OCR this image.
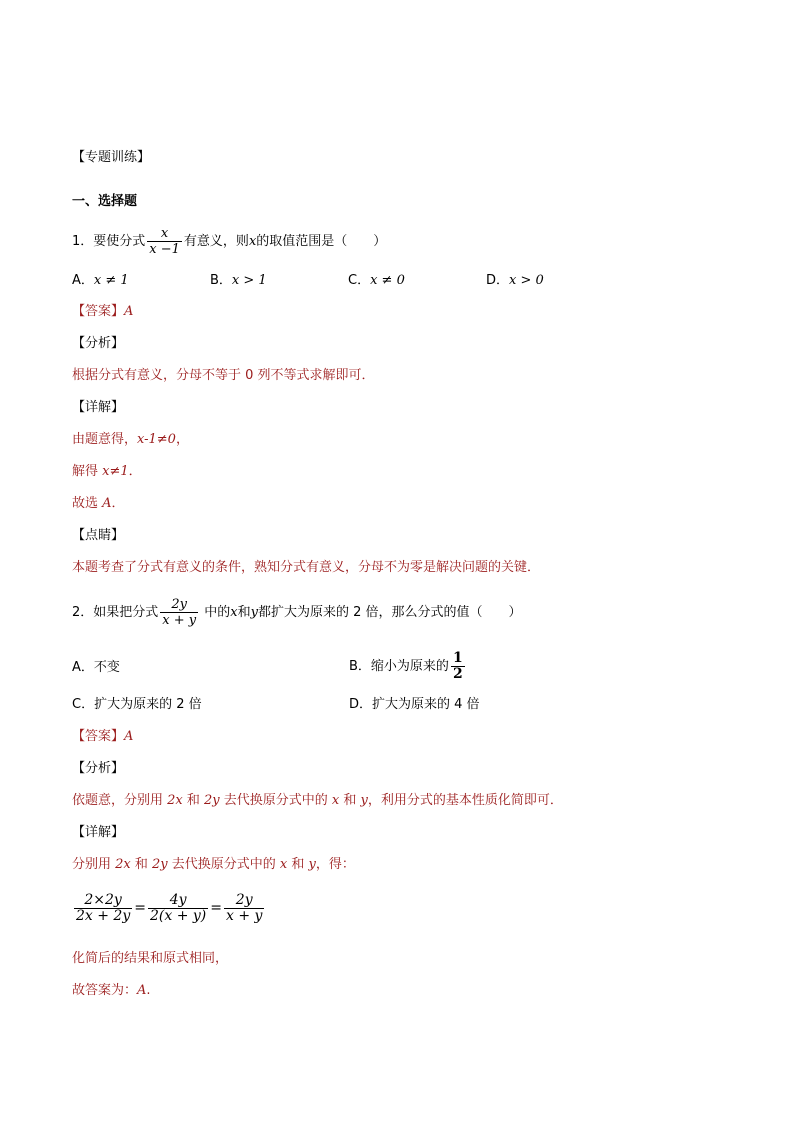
【专题训练】
一、选择题
1．要使分式 $\frac{x}{x -1}$ 有意义，则x的取值范围是（　　）
A．x ≠ 1	B．x > 1	C．x ≠ 0	D．x > 0
【答案】A
【分析】
根据分式有意义，分母不等于 0 列不等式求解即可．
【详解】
由题意得，x-1≠0，
解得 x≠1．
故选 A．
【点睛】
本题考查了分式有意义的条件，熟知分式有意义，分母不为零是解决问题的关键．
2．如果把分式 $\frac{2y}{x + y}$ 中的x和y都扩大为原来的 2 倍，那么分式的值（　　）
A．不变	B．缩小为原来的 $\frac{1}{2}$
C．扩大为原来的 2 倍	D．扩大为原来的 4 倍
【答案】A
【分析】
依题意，分别用 2x 和 2y 去代换原分式中的 x 和 y，利用分式的基本性质化简即可．
【详解】
分别用 2x 和 2y 去代换原分式中的 x 和 y，得：
$\frac{2\times 2y}{2x + 2y} = \frac{4y}{2(x + y)} = \frac{2y}{x + y}$
化简后的结果和原式相同，
故答案为：A.
